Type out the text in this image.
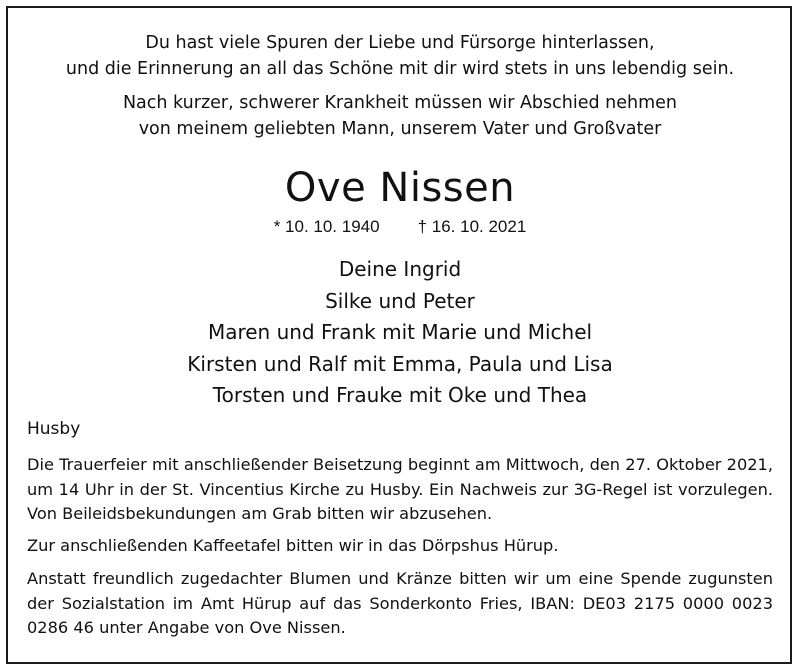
Du hast viele Spuren der Liebe und Fürsorge hinterlassen,
und die Erinnerung an all das Schöne mit dir wird stets in uns lebendig sein.
Nach kurzer, schwerer Krankheit müssen wir Abschied nehmen
von meinem geliebten Mann, unserem Vater und Großvater
Ove Nissen
* 10. 10. 1940 † 16. 10. 2021
Deine Ingrid
Silke und Peter
Maren und Frank mit Marie und Michel
Kirsten und Ralf mit Emma, Paula und Lisa
Torsten und Frauke mit Oke und Thea
Husby
Die Trauerfeier mit anschließender Beisetzung beginnt am Mittwoch, den 27. Oktober 2021, um 14 Uhr in der St. Vincentius Kirche zu Husby. Ein Nachweis zur 3G-Regel ist vorzulegen. Von Beileidsbekundungen am Grab bitten wir abzusehen.
Zur anschließenden Kaffeetafel bitten wir in das Dörpshus Hürup.
Anstatt freundlich zugedachter Blumen und Kränze bitten wir um eine Spende zugunsten der Sozialstation im Amt Hürup auf das Sonderkonto Fries, IBAN: DE03 2175 0000 0023 0286 46 unter Angabe von Ove Nissen.
